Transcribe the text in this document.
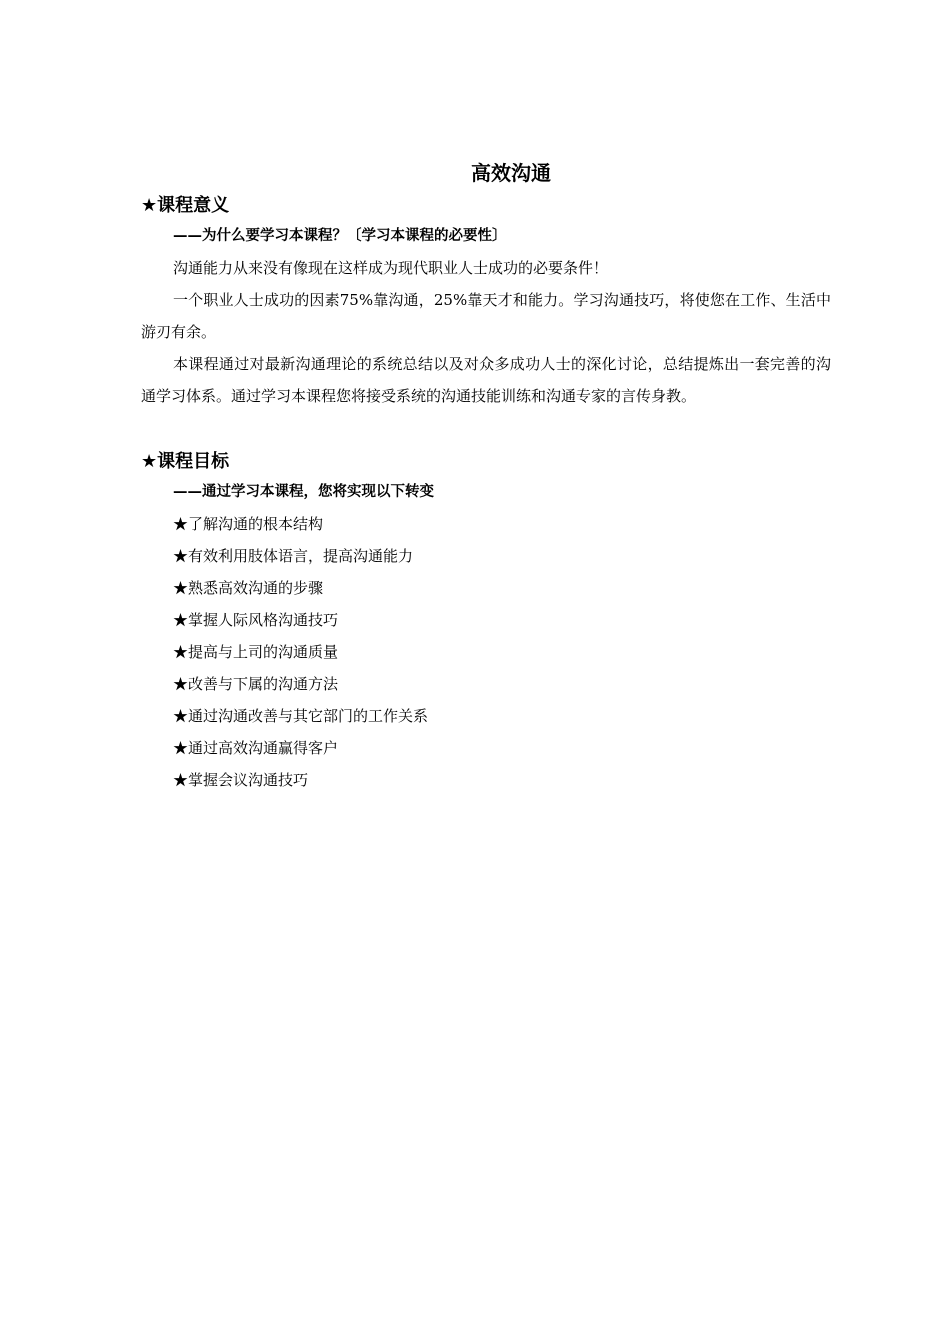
高效沟通
★课程意义

——为什么要学习本课程？〔学习本课程的必要性〕

沟通能力从来没有像现在这样成为现代职业人士成功的必要条件！

一个职业人士成功的因素75%靠沟通，25%靠天才和能力。学习沟通技巧，将使您在工作、生活中游刃有余。

本课程通过对最新沟通理论的系统总结以及对众多成功人士的深化讨论，总结提炼出一套完善的沟通学习体系。通过学习本课程您将接受系统的沟通技能训练和沟通专家的言传身教。

★课程目标

——通过学习本课程，您将实现以下转变

★了解沟通的根本结构

★有效利用肢体语言，提高沟通能力

★熟悉高效沟通的步骤

★掌握人际风格沟通技巧

★提高与上司的沟通质量

★改善与下属的沟通方法

★通过沟通改善与其它部门的工作关系

★通过高效沟通赢得客户

★掌握会议沟通技巧
